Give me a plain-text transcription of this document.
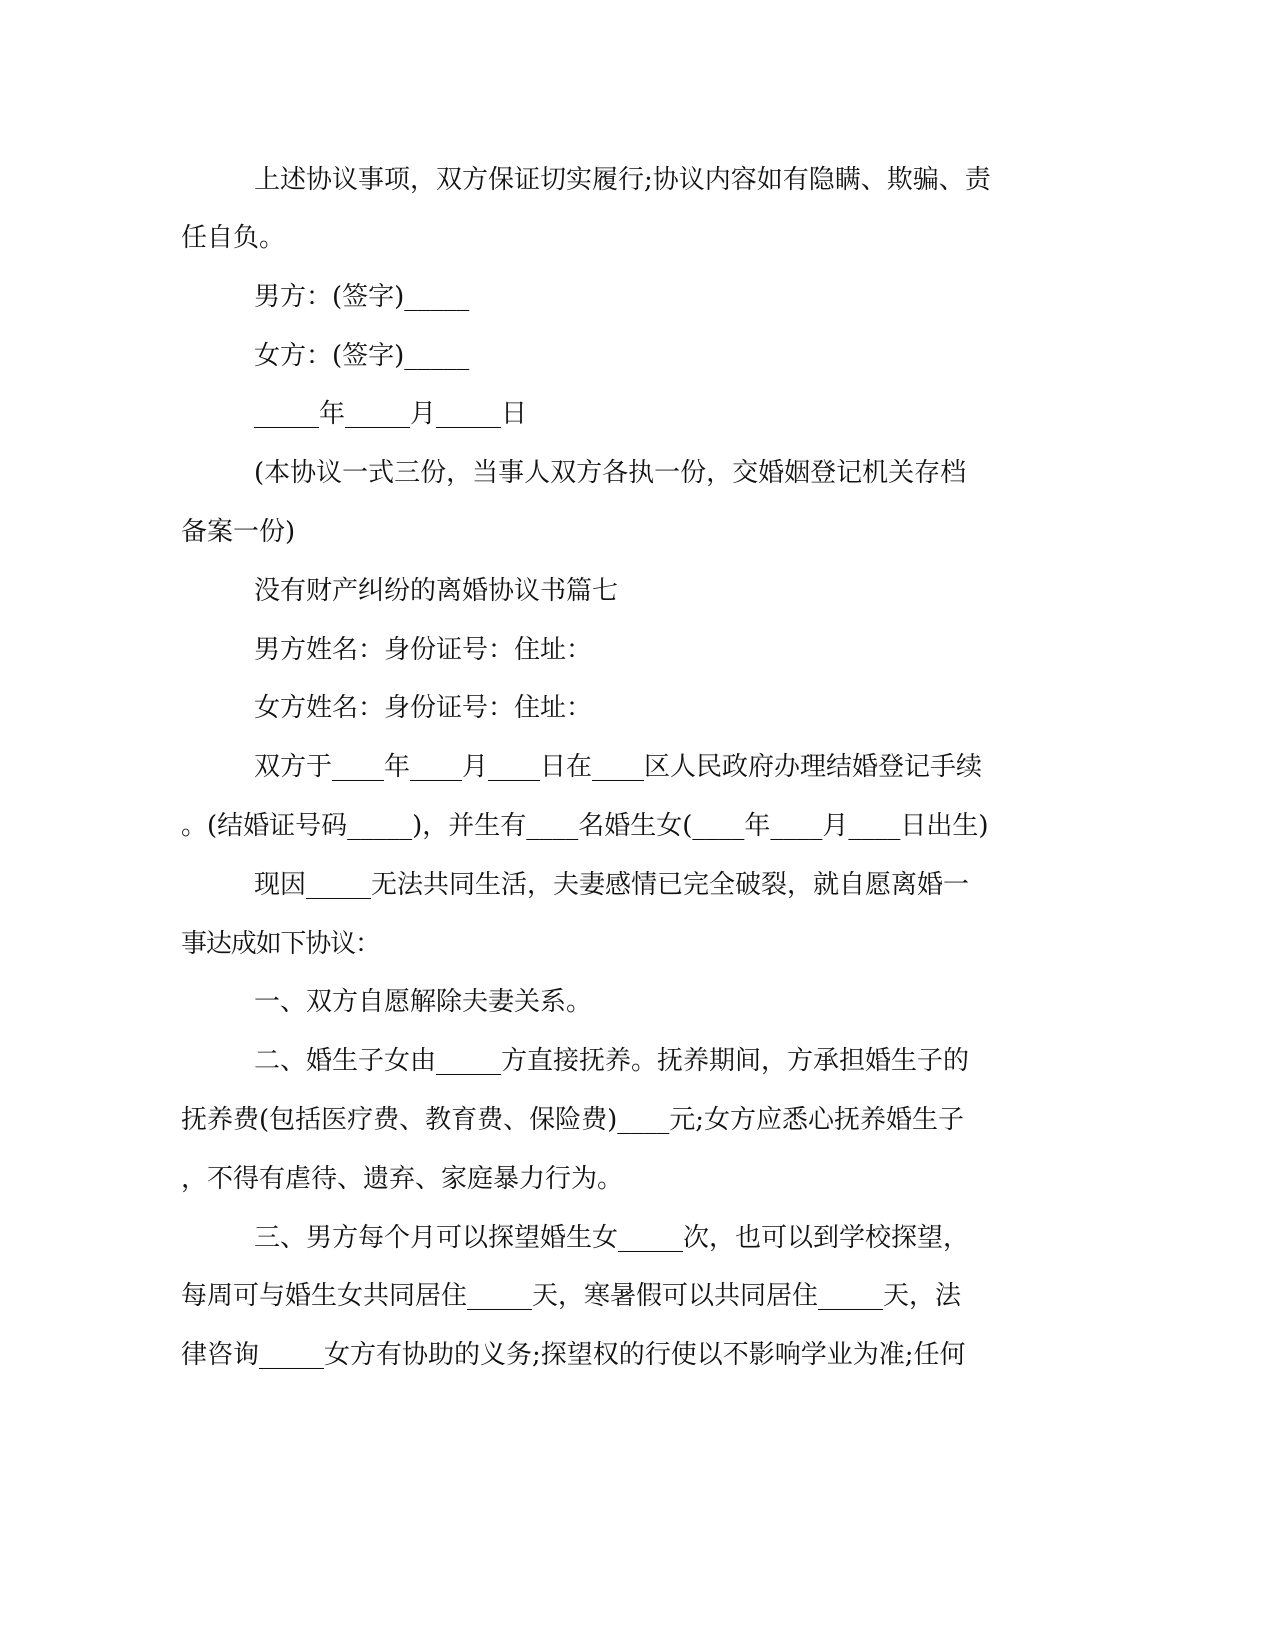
上述协议事项，双方保证切实履行;协议内容如有隐瞒、欺骗、责
任自负。
男方：(签字)_____
女方：(签字)_____
_____年_____月_____日
(本协议一式三份，当事人双方各执一份，交婚姻登记机关存档
备案一份)
没有财产纠纷的离婚协议书篇七
男方姓名：身份证号：住址：
女方姓名：身份证号：住址：
双方于____年____月____日在____区人民政府办理结婚登记手续
。(结婚证号码_____)，并生有____名婚生女(____年____月____日出生)
现因_____无法共同生活，夫妻感情已完全破裂，就自愿离婚一
事达成如下协议：
一、双方自愿解除夫妻关系。
二、婚生子女由_____方直接抚养。抚养期间，方承担婚生子的
抚养费(包括医疗费、教育费、保险费)____元;女方应悉心抚养婚生子
，不得有虐待、遗弃、家庭暴力行为。
三、男方每个月可以探望婚生女_____次，也可以到学校探望，
每周可与婚生女共同居住_____天，寒暑假可以共同居住_____天，法
律咨询_____女方有协助的义务;探望权的行使以不影响学业为准;任何
